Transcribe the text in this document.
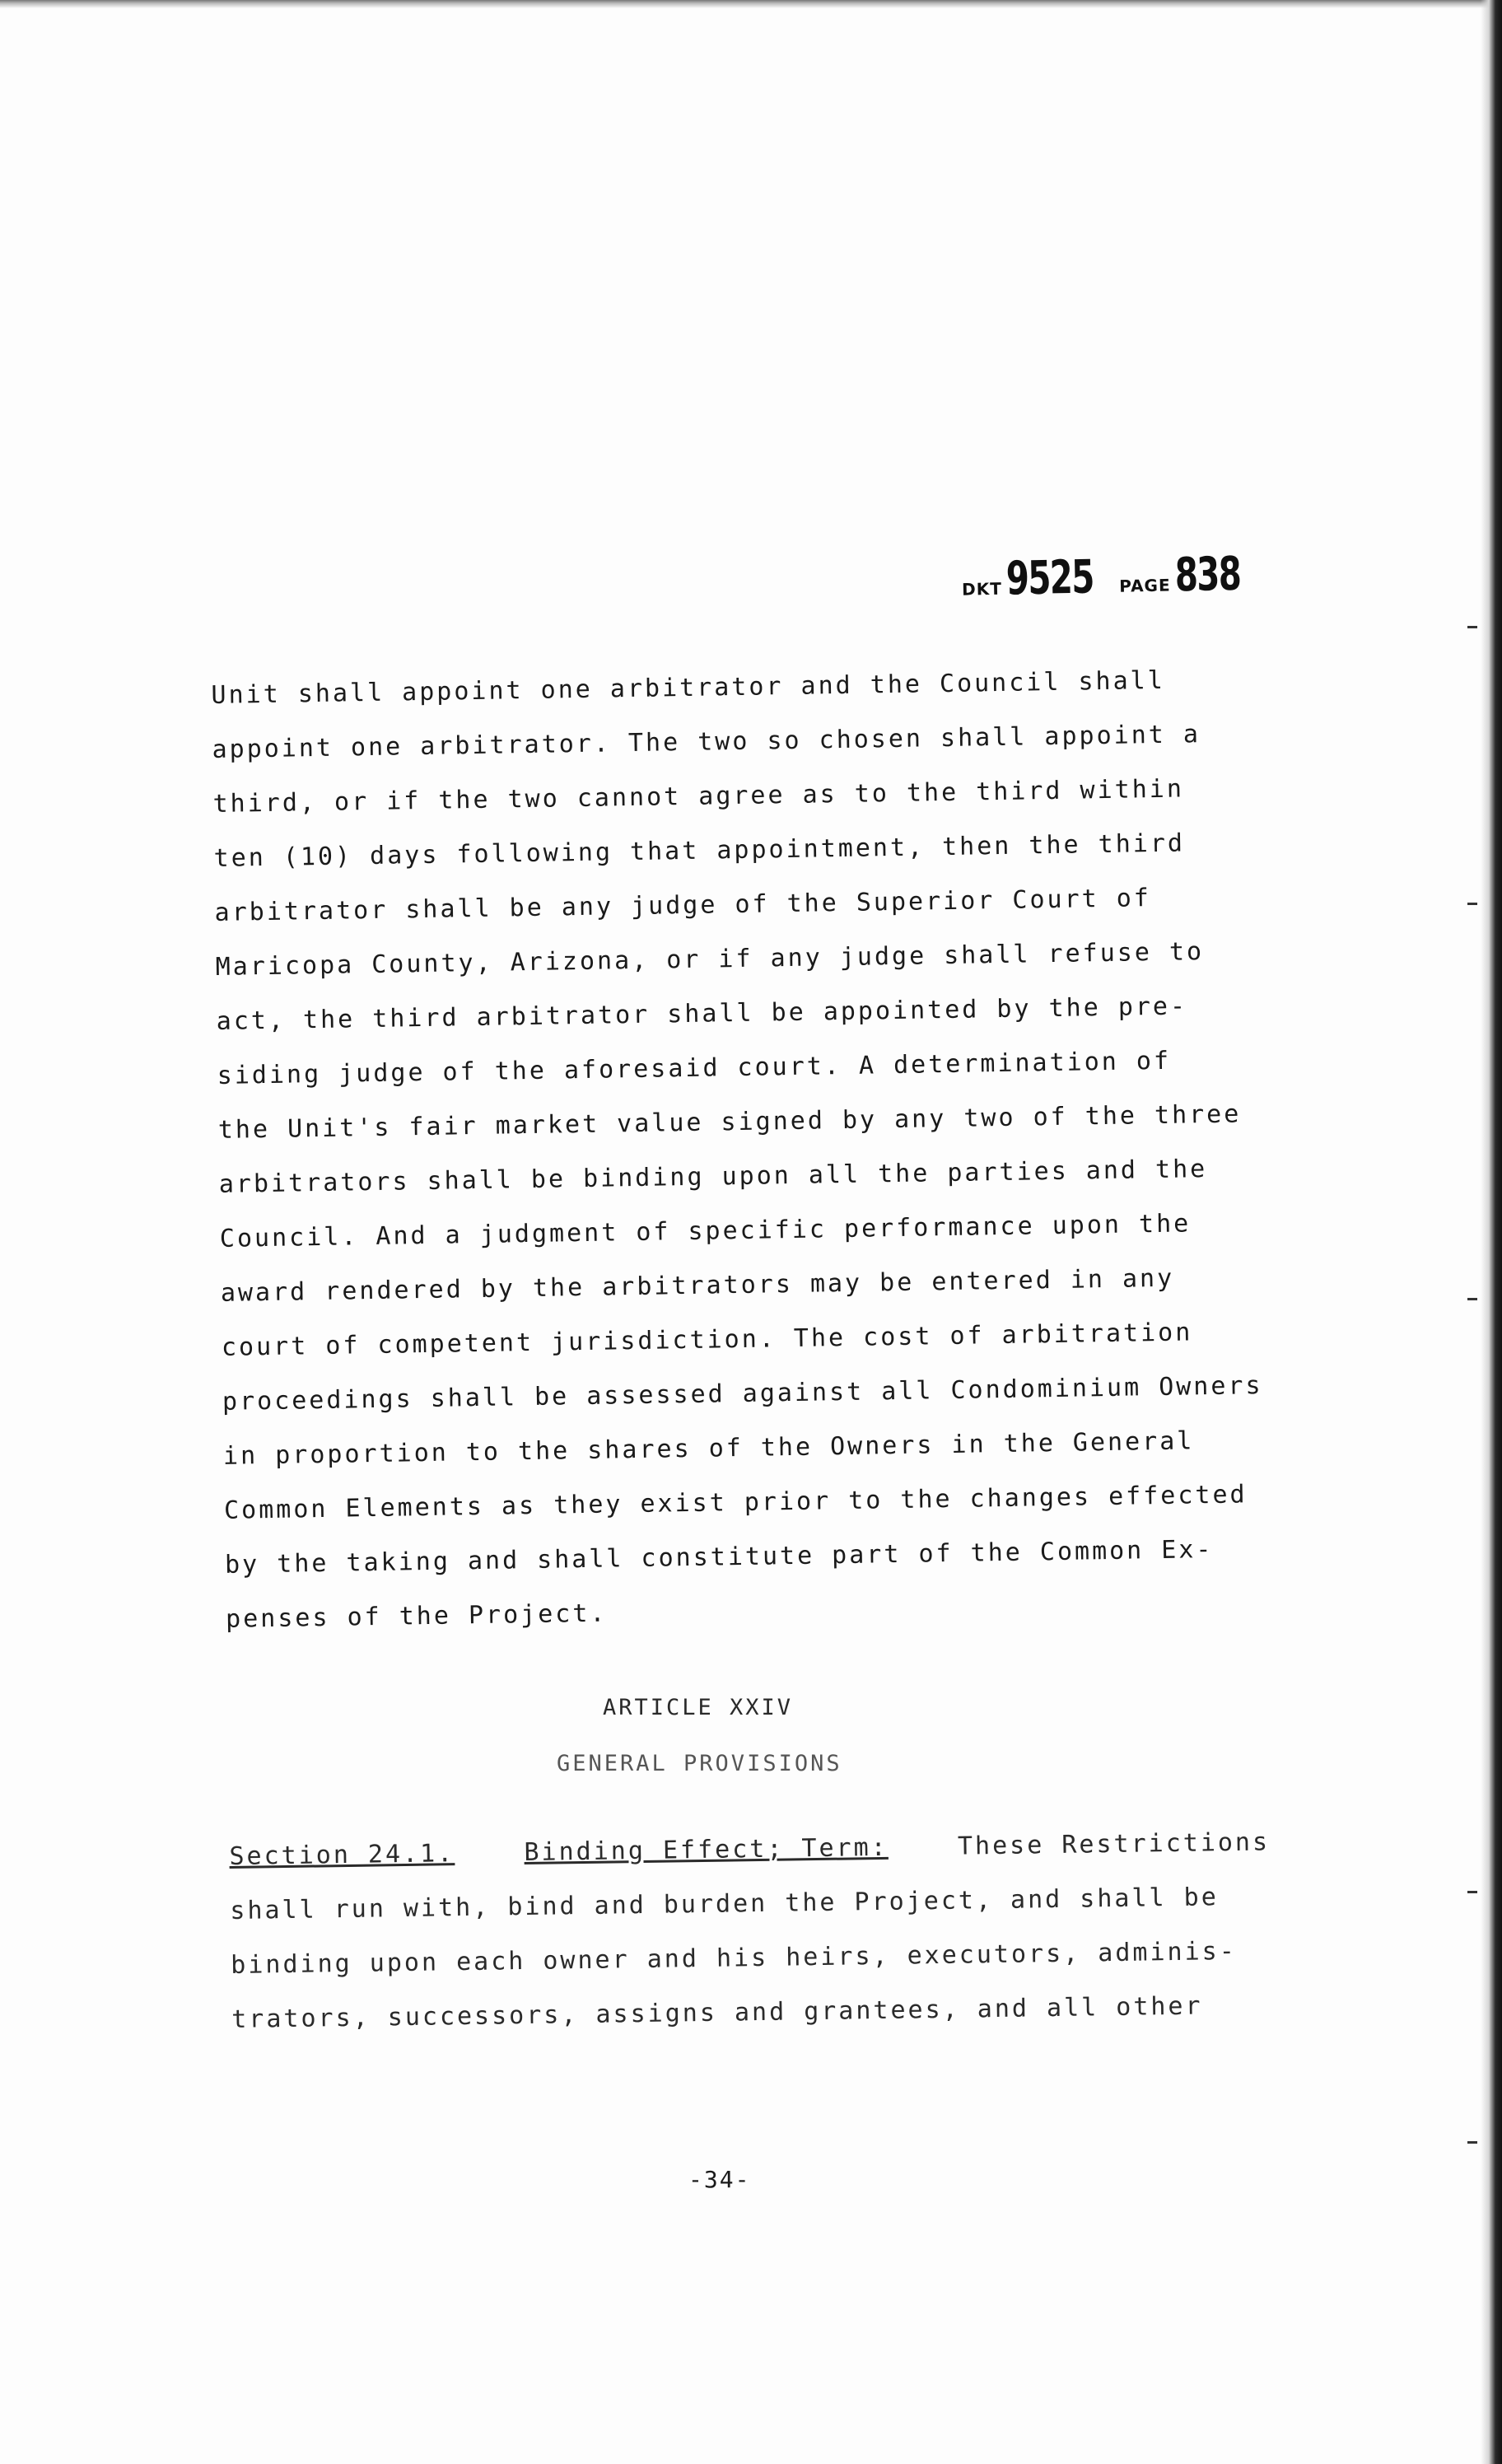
DKT 9525 PAGE 838
Unit shall appoint one arbitrator and the Council shall
appoint one arbitrator. The two so chosen shall appoint a
third, or if the two cannot agree as to the third within
ten (10) days following that appointment, then the third
arbitrator shall be any judge of the Superior Court of
Maricopa County, Arizona, or if any judge shall refuse to
act, the third arbitrator shall be appointed by the pre-
siding judge of the aforesaid court. A determination of
the Unit's fair market value signed by any two of the three
arbitrators shall be binding upon all the parties and the
Council. And a judgment of specific performance upon the
award rendered by the arbitrators may be entered in any
court of competent jurisdiction. The cost of arbitration
proceedings shall be assessed against all Condominium Owners
in proportion to the shares of the Owners in the General
Common Elements as they exist prior to the changes effected
by the taking and shall constitute part of the Common Ex-
penses of the Project.
ARTICLE XXIV
GENERAL PROVISIONS
Section 24.1.	Binding Effect; Term:	These Restrictions
shall run with, bind and burden the Project, and shall be
binding upon each owner and his heirs, executors, adminis-
trators, successors, assigns and grantees, and all other
-34-
